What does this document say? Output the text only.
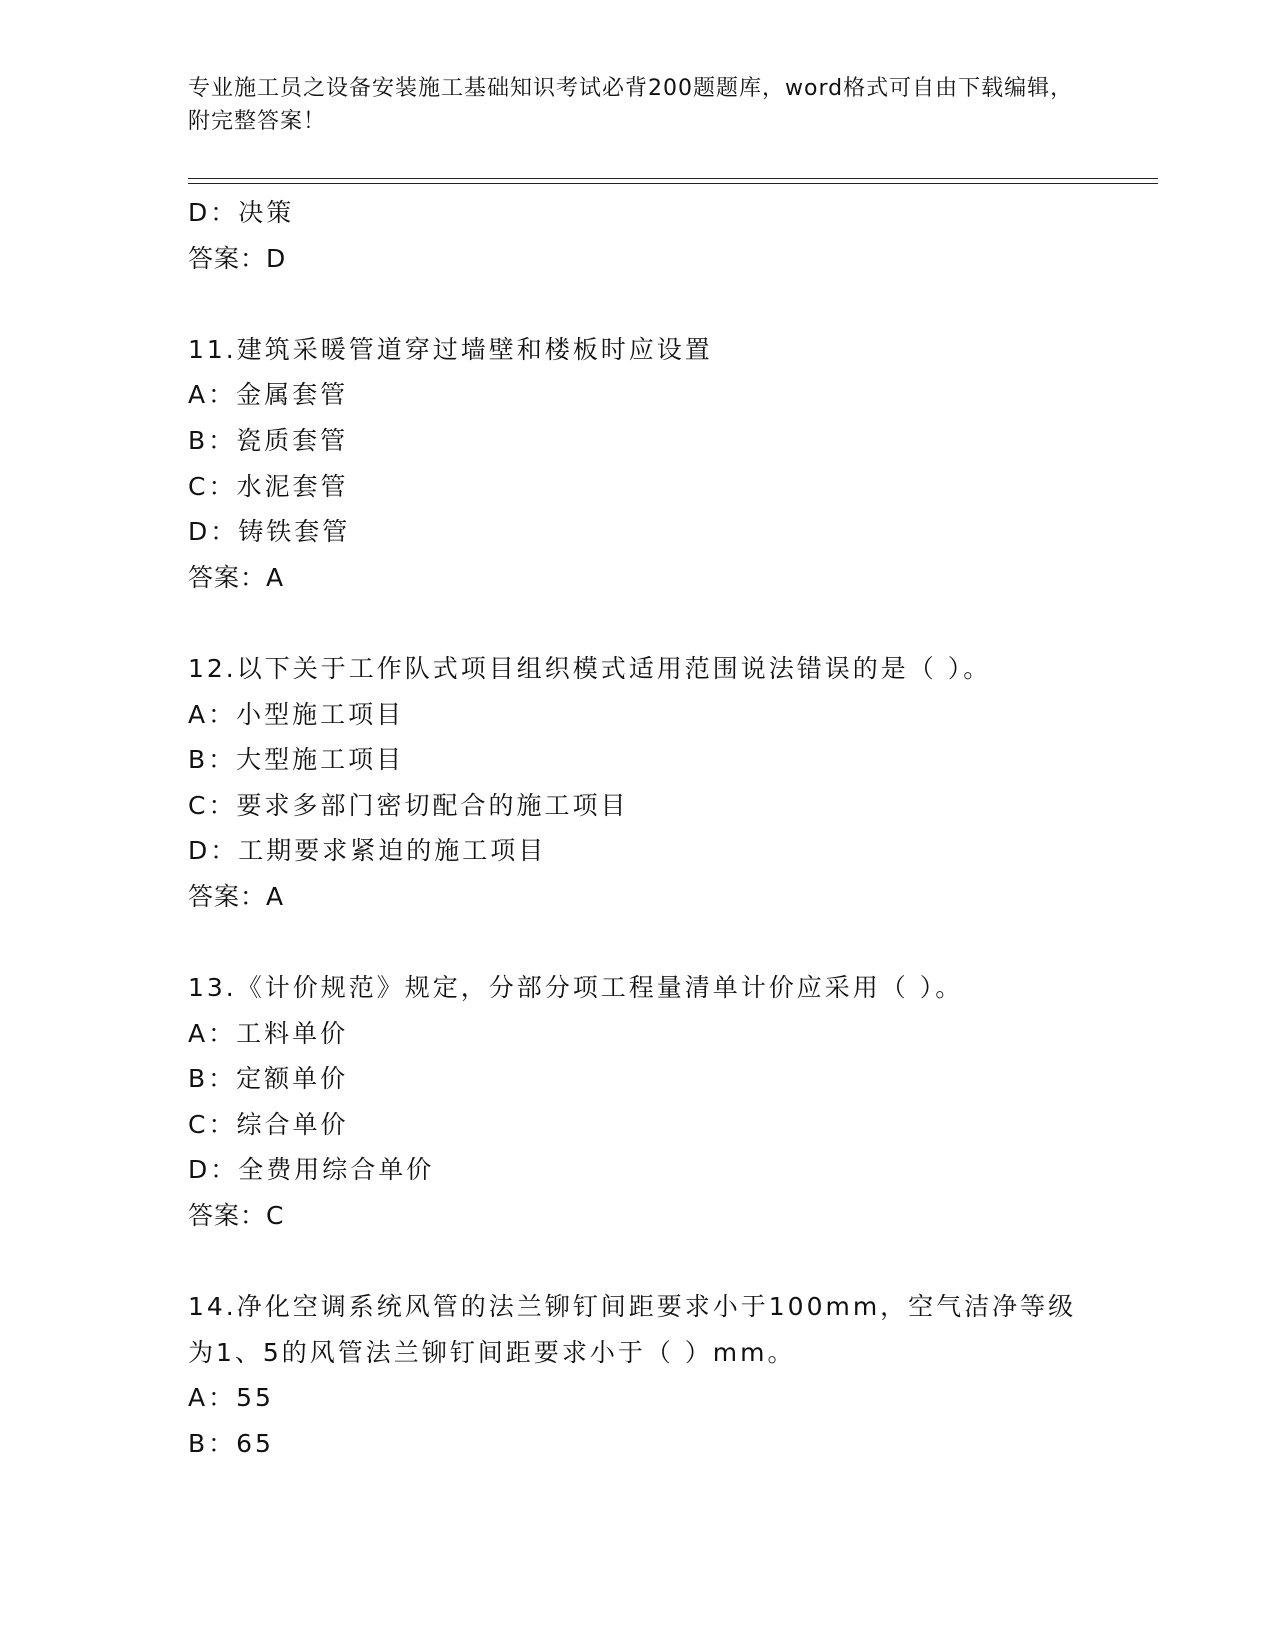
专业施工员之设备安装施工基础知识考试必背200题题库，word格式可自由下载编辑，附完整答案！
D：决策
答案：D
11.建筑采暖管道穿过墙壁和楼板时应设置
A：金属套管
B：瓷质套管
C：水泥套管
D：铸铁套管
答案：A
12.以下关于工作队式项目组织模式适用范围说法错误的是（ ）。
A：小型施工项目
B：大型施工项目
C：要求多部门密切配合的施工项目
D：工期要求紧迫的施工项目
答案：A
13.《计价规范》规定，分部分项工程量清单计价应采用（ ）。
A：工料单价
B：定额单价
C：综合单价
D：全费用综合单价
答案：C
14.净化空调系统风管的法兰铆钉间距要求小于100mm，空气洁净等级为1、5的风管法兰铆钉间距要求小于（ ）mm。
A：55
B：65
